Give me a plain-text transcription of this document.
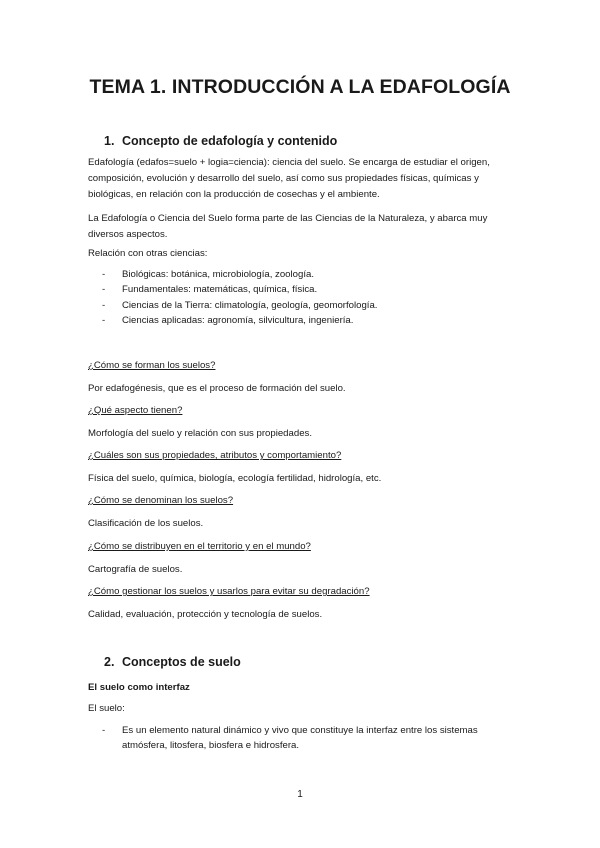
TEMA 1. INTRODUCCIÓN A LA EDAFOLOGÍA
1. Concepto de edafología y contenido

Edafología (edafos=suelo + logia=ciencia): ciencia del suelo. Se encarga de estudiar el origen, composición, evolución y desarrollo del suelo, así como sus propiedades físicas, químicas y biológicas, en relación con la producción de cosechas y el ambiente.

La Edafología o Ciencia del Suelo forma parte de las Ciencias de la Naturaleza, y abarca muy diversos aspectos.

Relación con otras ciencias:

- Biológicas: botánica, microbiología, zoología.
- Fundamentales: matemáticas, química, física.
- Ciencias de la Tierra: climatología, geología, geomorfología.
- Ciencias aplicadas: agronomía, silvicultura, ingeniería.

¿Cómo se forman los suelos?

Por edafogénesis, que es el proceso de formación del suelo.

¿Qué aspecto tienen?

Morfología del suelo y relación con sus propiedades.

¿Cuáles son sus propiedades, atributos y comportamiento?

Física del suelo, química, biología, ecología fertilidad, hidrología, etc.

¿Cómo se denominan los suelos?

Clasificación de los suelos.

¿Cómo se distribuyen en el territorio y en el mundo?

Cartografía de suelos.

¿Cómo gestionar los suelos y usarlos para evitar su degradación?

Calidad, evaluación, protección y tecnología de suelos.

2. Conceptos de suelo

El suelo como interfaz

El suelo:

- Es un elemento natural dinámico y vivo que constituye la interfaz entre los sistemas atmósfera, litosfera, biosfera e hidrosfera.
1
